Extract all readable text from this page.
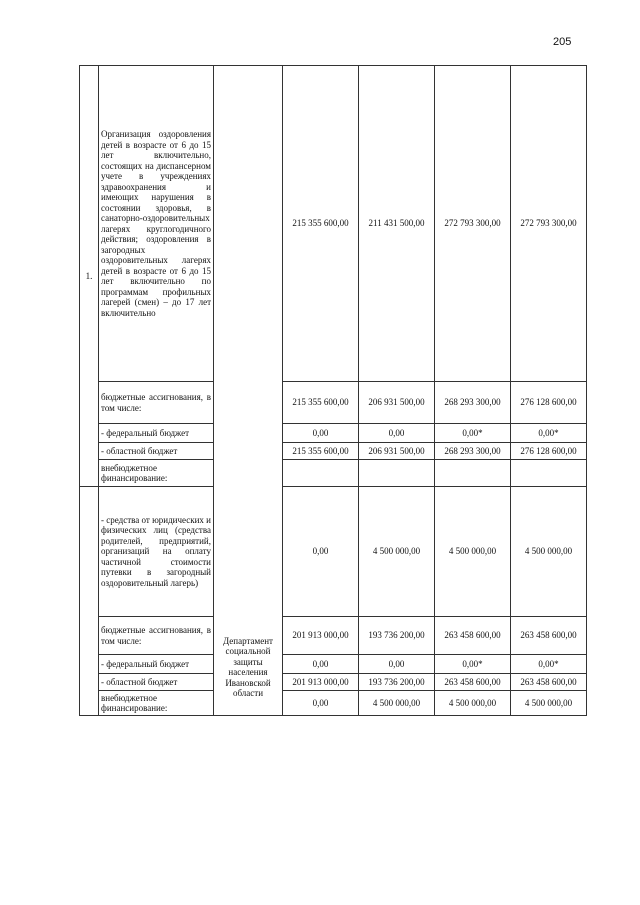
205
1.	Организация оздоровления детей в возрасте от 6 до 15 лет включительно, состоящих на диспансерном учете в учреждениях здравоохранения и имеющих нарушения в состоянии здоровья, в санаторно-оздоровительных лагерях круглогодичного действия; оздоровления в загородных оздоровительных лагерях детей в возрасте от 6 до 15 лет включительно по программам профильных лагерей (смен) – до 17 лет включительно		215 355 600,00	211 431 500,00	272 793 300,00	272 793 300,00
	бюджетные ассигнования, в том числе:		215 355 600,00	206 931 500,00	268 293 300,00	276 128 600,00
	- федеральный бюджет		0,00	0,00	0,00*	0,00*
	- областной бюджет		215 355 600,00	206 931 500,00	268 293 300,00	276 128 600,00
	внебюджетное финансирование:					
	- средства от юридических и физических лиц (средства родителей, предприятий, организаций на оплату частичной стоимости путевки в загородный оздоровительный лагерь)		0,00	4 500 000,00	4 500 000,00	4 500 000,00
	бюджетные ассигнования, в том числе:	Департамент социальной защиты населения Ивановской области	201 913 000,00	193 736 200,00	263 458 600,00	263 458 600,00
	- федеральный бюджет		0,00	0,00	0,00*	0,00*
	- областной бюджет		201 913 000,00	193 736 200,00	263 458 600,00	263 458 600,00
	внебюджетное финансирование:		0,00	4 500 000,00	4 500 000,00	4 500 000,00
